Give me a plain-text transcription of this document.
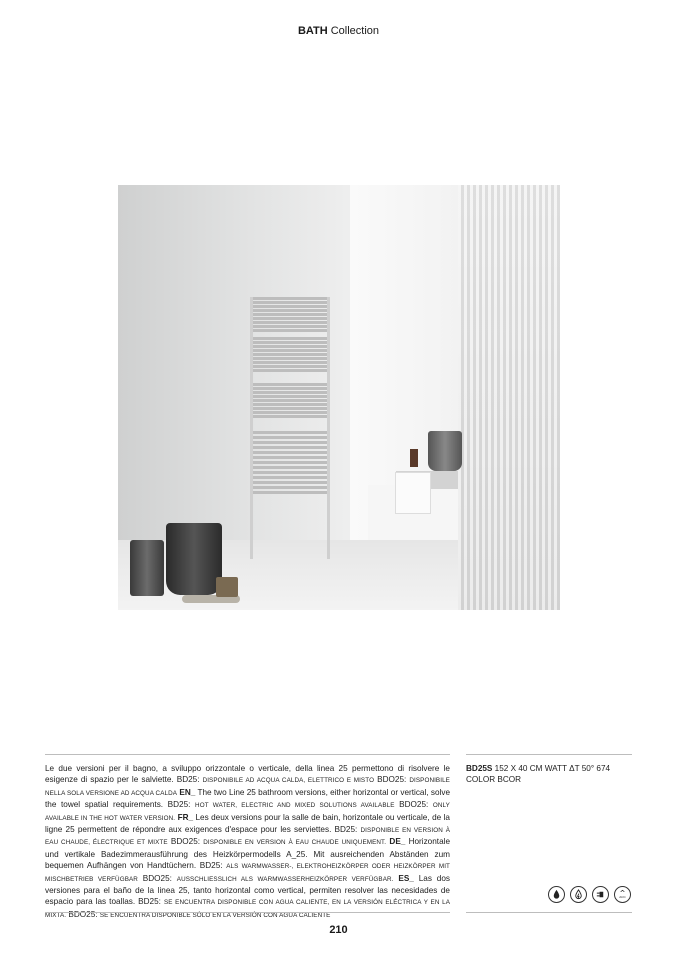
BATH Collection
Le due versioni per il bagno, a sviluppo orizzontale o verticale, della linea 25 permettono di risolvere le esigenze di spazio per le salviette. BD25: DISPONIBILE AD ACQUA CALDA, ELETTRICO E MISTO BDO25: DISPONIBILE NELLA SOLA VERSIONE AD ACQUA CALDA EN_ The two Line 25 bathroom versions, either horizontal or vertical, solve the towel spatial requirements. BD25: HOT WATER, ELECTRIC AND MIXED SOLUTIONS AVAILABLE BDO25: ONLY AVAILABLE IN THE HOT WATER VERSION. FR_ Les deux versions pour la salle de bain, horizontale ou verticale, de la ligne 25 permettent de répondre aux exigences d'espace pour les serviettes. BD25: DISPONIBLE EN VERSION À EAU CHAUDE, ÉLECTRIQUE ET MIXTE BDO25: DISPONIBLE EN VERSION À EAU CHAUDE UNIQUEMENT. DE_ Horizontale und vertikale Badezimmerausführung des Heizkörpermodells A_25. Mit ausreichenden Abständen zum bequemen Aufhängen von Handtüchern. BD25: ALS WARMWASSER-, ELEKTROHEIZKÖRPER ODER HEIZKÖRPER MIT MISCHBETRIEB VERFÜGBAR BDO25: AUSSCHLIESSLICH ALS WARMWASSERHEIZKÖRPER VERFÜGBAR. ES_ Las dos versiones para el baño de la linea 25, tanto horizontal como vertical, permiten resolver las necesidades de espacio para las toallas. BD25: SE ENCUENTRA DISPONIBLE CON AGUA CALIENTE, EN LA VERSIÓN ELÉCTRICA Y EN LA MIXTA. BDO25: SE ENCUENTRA DISPONIBLE SÓLO EN LA VERSIÓN CON AGUA CALIENTE
BD25S 152 X 40 CM WATT ΔT 50° 674
COLOR BCOR
ACC
210
